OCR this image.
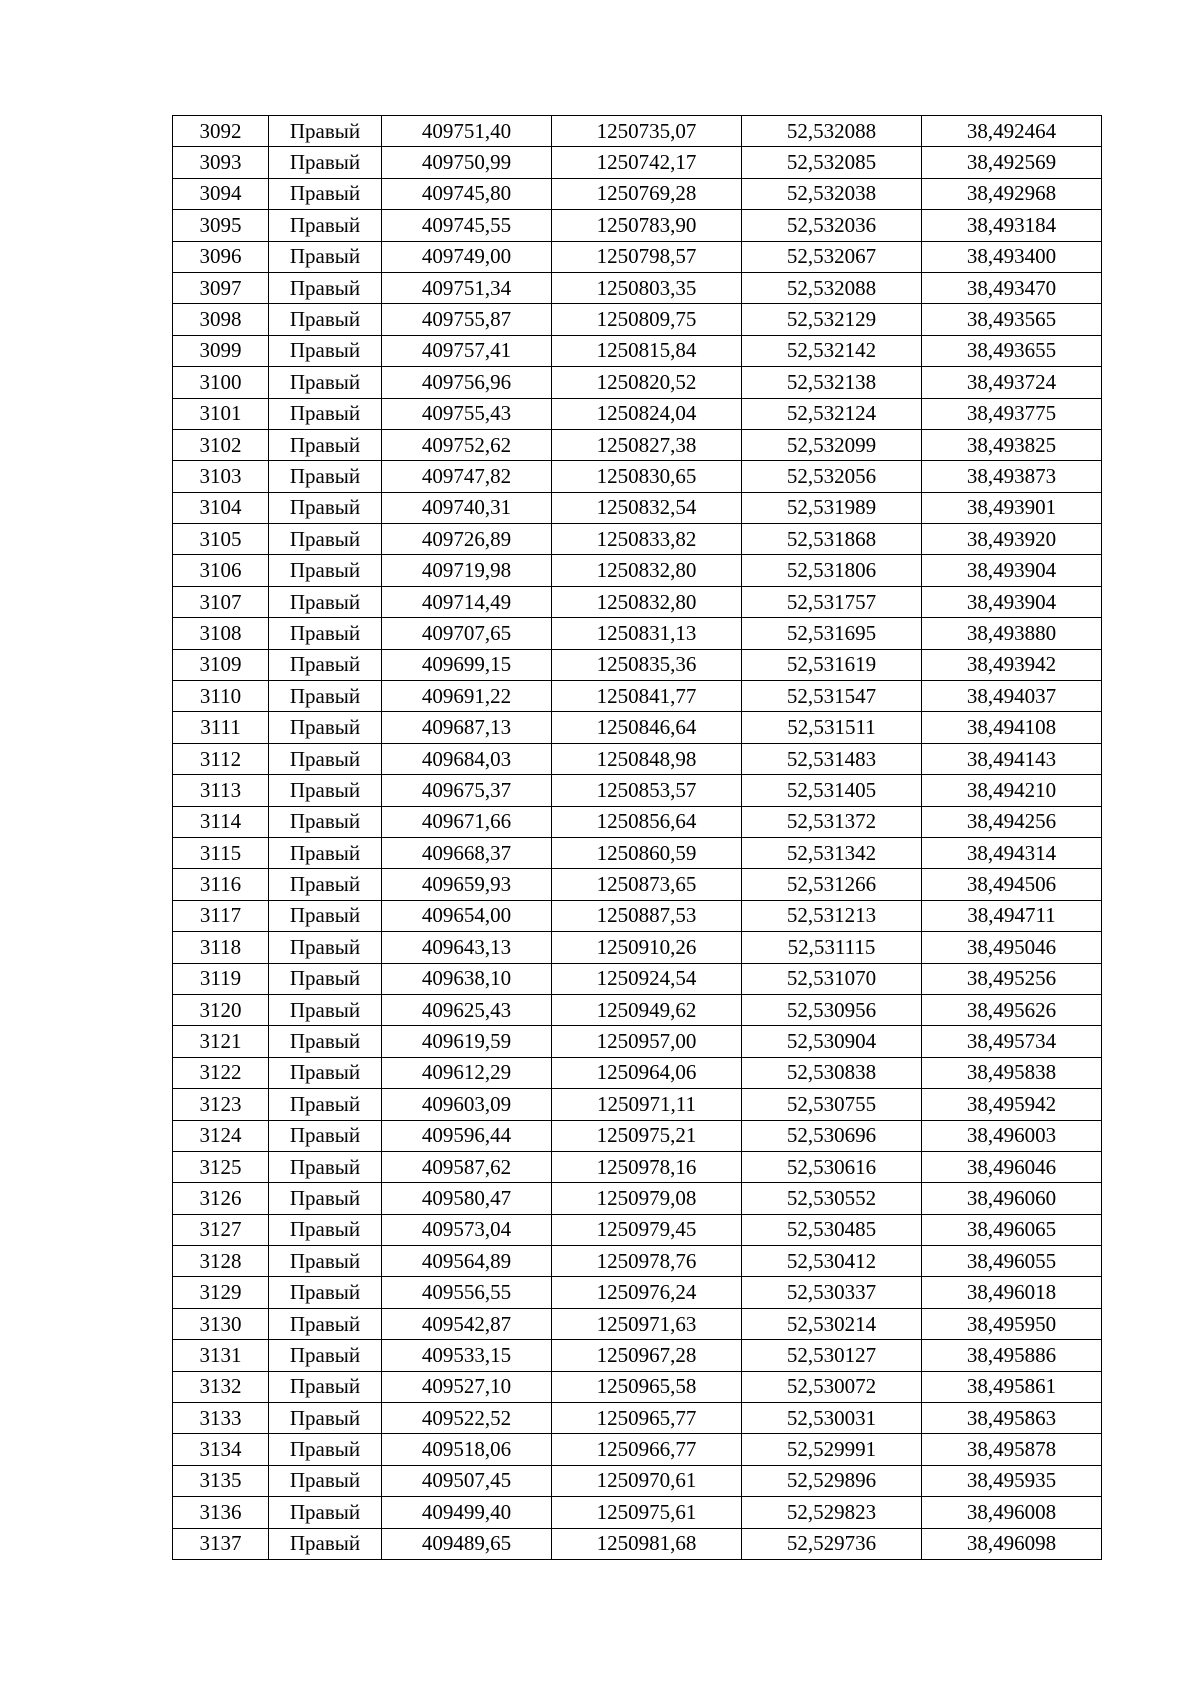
3092	Правый	409751,40	1250735,07	52,532088	38,492464
3093	Правый	409750,99	1250742,17	52,532085	38,492569
3094	Правый	409745,80	1250769,28	52,532038	38,492968
3095	Правый	409745,55	1250783,90	52,532036	38,493184
3096	Правый	409749,00	1250798,57	52,532067	38,493400
3097	Правый	409751,34	1250803,35	52,532088	38,493470
3098	Правый	409755,87	1250809,75	52,532129	38,493565
3099	Правый	409757,41	1250815,84	52,532142	38,493655
3100	Правый	409756,96	1250820,52	52,532138	38,493724
3101	Правый	409755,43	1250824,04	52,532124	38,493775
3102	Правый	409752,62	1250827,38	52,532099	38,493825
3103	Правый	409747,82	1250830,65	52,532056	38,493873
3104	Правый	409740,31	1250832,54	52,531989	38,493901
3105	Правый	409726,89	1250833,82	52,531868	38,493920
3106	Правый	409719,98	1250832,80	52,531806	38,493904
3107	Правый	409714,49	1250832,80	52,531757	38,493904
3108	Правый	409707,65	1250831,13	52,531695	38,493880
3109	Правый	409699,15	1250835,36	52,531619	38,493942
3110	Правый	409691,22	1250841,77	52,531547	38,494037
3111	Правый	409687,13	1250846,64	52,531511	38,494108
3112	Правый	409684,03	1250848,98	52,531483	38,494143
3113	Правый	409675,37	1250853,57	52,531405	38,494210
3114	Правый	409671,66	1250856,64	52,531372	38,494256
3115	Правый	409668,37	1250860,59	52,531342	38,494314
3116	Правый	409659,93	1250873,65	52,531266	38,494506
3117	Правый	409654,00	1250887,53	52,531213	38,494711
3118	Правый	409643,13	1250910,26	52,531115	38,495046
3119	Правый	409638,10	1250924,54	52,531070	38,495256
3120	Правый	409625,43	1250949,62	52,530956	38,495626
3121	Правый	409619,59	1250957,00	52,530904	38,495734
3122	Правый	409612,29	1250964,06	52,530838	38,495838
3123	Правый	409603,09	1250971,11	52,530755	38,495942
3124	Правый	409596,44	1250975,21	52,530696	38,496003
3125	Правый	409587,62	1250978,16	52,530616	38,496046
3126	Правый	409580,47	1250979,08	52,530552	38,496060
3127	Правый	409573,04	1250979,45	52,530485	38,496065
3128	Правый	409564,89	1250978,76	52,530412	38,496055
3129	Правый	409556,55	1250976,24	52,530337	38,496018
3130	Правый	409542,87	1250971,63	52,530214	38,495950
3131	Правый	409533,15	1250967,28	52,530127	38,495886
3132	Правый	409527,10	1250965,58	52,530072	38,495861
3133	Правый	409522,52	1250965,77	52,530031	38,495863
3134	Правый	409518,06	1250966,77	52,529991	38,495878
3135	Правый	409507,45	1250970,61	52,529896	38,495935
3136	Правый	409499,40	1250975,61	52,529823	38,496008
3137	Правый	409489,65	1250981,68	52,529736	38,496098
